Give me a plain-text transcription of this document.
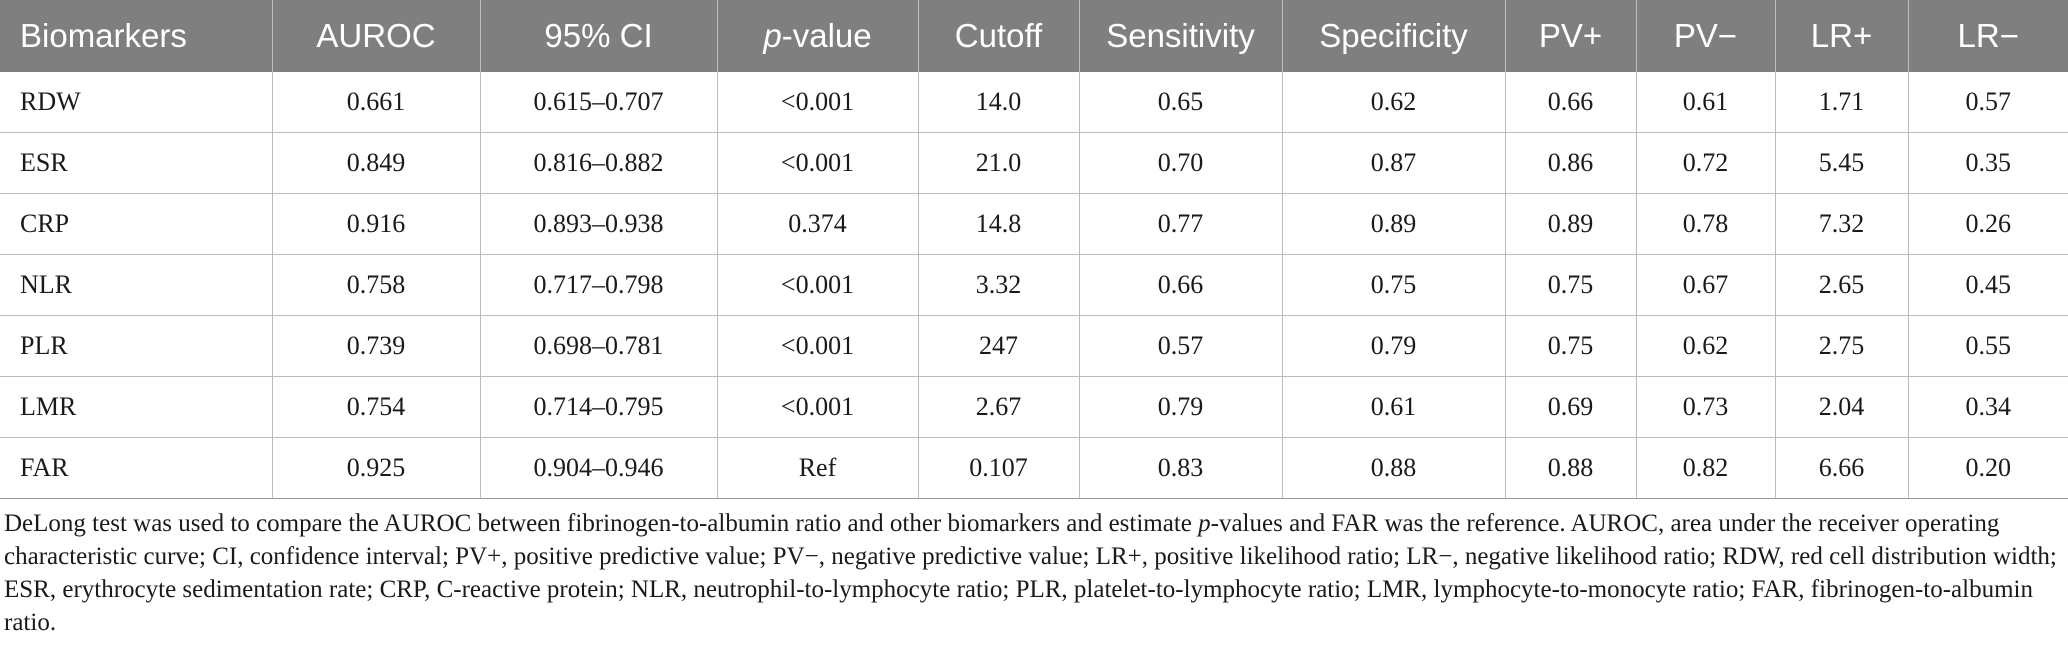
Biomarkers	AUROC	95% CI	p-value	Cutoff	Sensitivity	Specificity	PV+	PV−	LR+	LR−
RDW	0.661	0.615–0.707	<0.001	14.0	0.65	0.62	0.66	0.61	1.71	0.57
ESR	0.849	0.816–0.882	<0.001	21.0	0.70	0.87	0.86	0.72	5.45	0.35
CRP	0.916	0.893–0.938	0.374	14.8	0.77	0.89	0.89	0.78	7.32	0.26
NLR	0.758	0.717–0.798	<0.001	3.32	0.66	0.75	0.75	0.67	2.65	0.45
PLR	0.739	0.698–0.781	<0.001	247	0.57	0.79	0.75	0.62	2.75	0.55
LMR	0.754	0.714–0.795	<0.001	2.67	0.79	0.61	0.69	0.73	2.04	0.34
FAR	0.925	0.904–0.946	Ref	0.107	0.83	0.88	0.88	0.82	6.66	0.20

DeLong test was used to compare the AUROC between fibrinogen-to-albumin ratio and other biomarkers and estimate p-values and FAR was the reference. AUROC, area under the receiver operating characteristic curve; CI, confidence interval; PV+, positive predictive value; PV−, negative predictive value; LR+, positive likelihood ratio; LR−, negative likelihood ratio; RDW, red cell distribution width; ESR, erythrocyte sedimentation rate; CRP, C-reactive protein; NLR, neutrophil-to-lymphocyte ratio; PLR, platelet-to-lymphocyte ratio; LMR, lymphocyte-to-monocyte ratio; FAR, fibrinogen-to-albumin ratio.
